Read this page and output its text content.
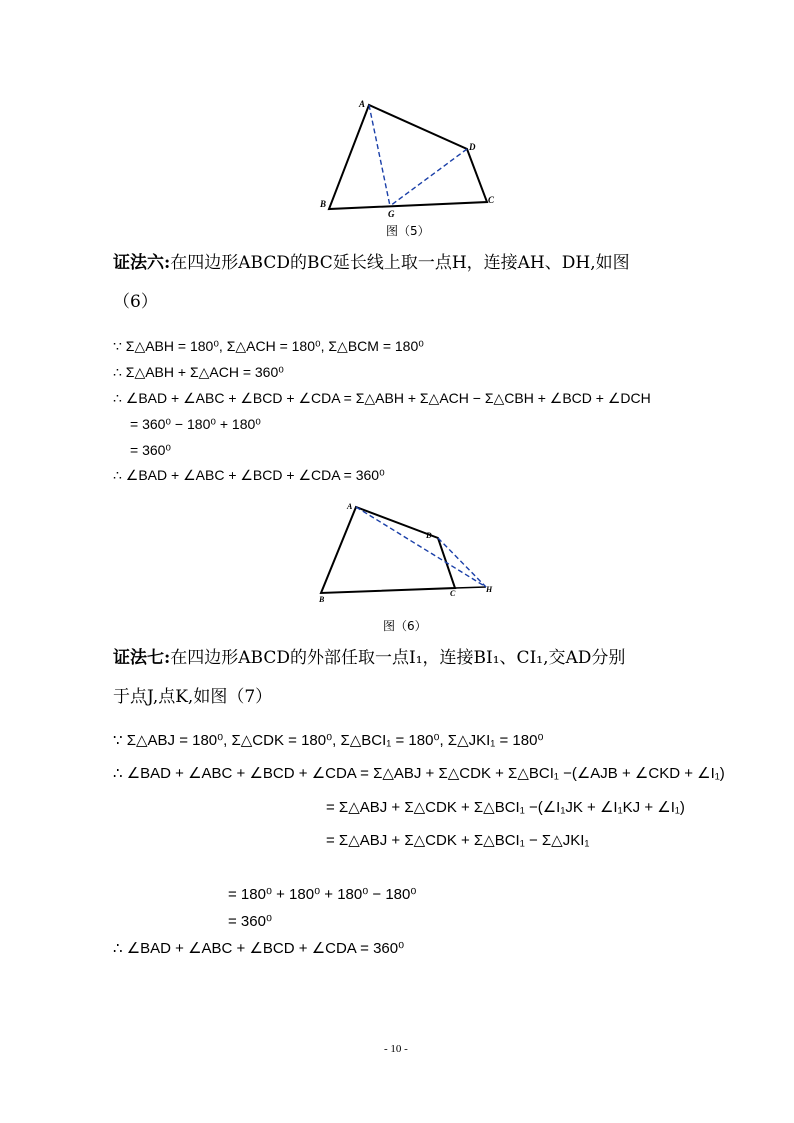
A
B	C
D
G
图（5）
证法六:在四边形ABCD的BC延长线上取一点H，连接AH、DH,如图
（6）
∵ Σ△ABH = 180⁰, Σ△ACH = 180⁰, Σ△BCM = 180⁰
∴ Σ△ABH + Σ△ACH = 360⁰
∴ ∠BAD + ∠ABC + ∠BCD + ∠CDA = Σ△ABH + Σ△ACH − Σ△CBH + ∠BCD + ∠DCH
= 360⁰ − 180⁰ + 180⁰
= 360⁰
∴ ∠BAD + ∠ABC + ∠BCD + ∠CDA = 360⁰
A
B
C
D
H
图（6）
证法七:在四边形ABCD的外部任取一点I₁，连接BI₁、CI₁,交AD分别
于点J,点K,如图（7）
∵ Σ△ABJ = 180⁰, Σ△CDK = 180⁰, Σ△BCI₁ = 180⁰, Σ△JKI₁ = 180⁰
∴ ∠BAD + ∠ABC + ∠BCD + ∠CDA = Σ△ABJ + Σ△CDK + Σ△BCI₁ −(∠AJB + ∠CKD + ∠I₁)
= Σ△ABJ + Σ△CDK + Σ△BCI₁ −(∠I₁JK + ∠I₁KJ + ∠I₁)
= Σ△ABJ + Σ△CDK + Σ△BCI₁ − Σ△JKI₁
= 180⁰ + 180⁰ + 180⁰ − 180⁰
= 360⁰
∴ ∠BAD + ∠ABC + ∠BCD + ∠CDA = 360⁰
- 10 -
